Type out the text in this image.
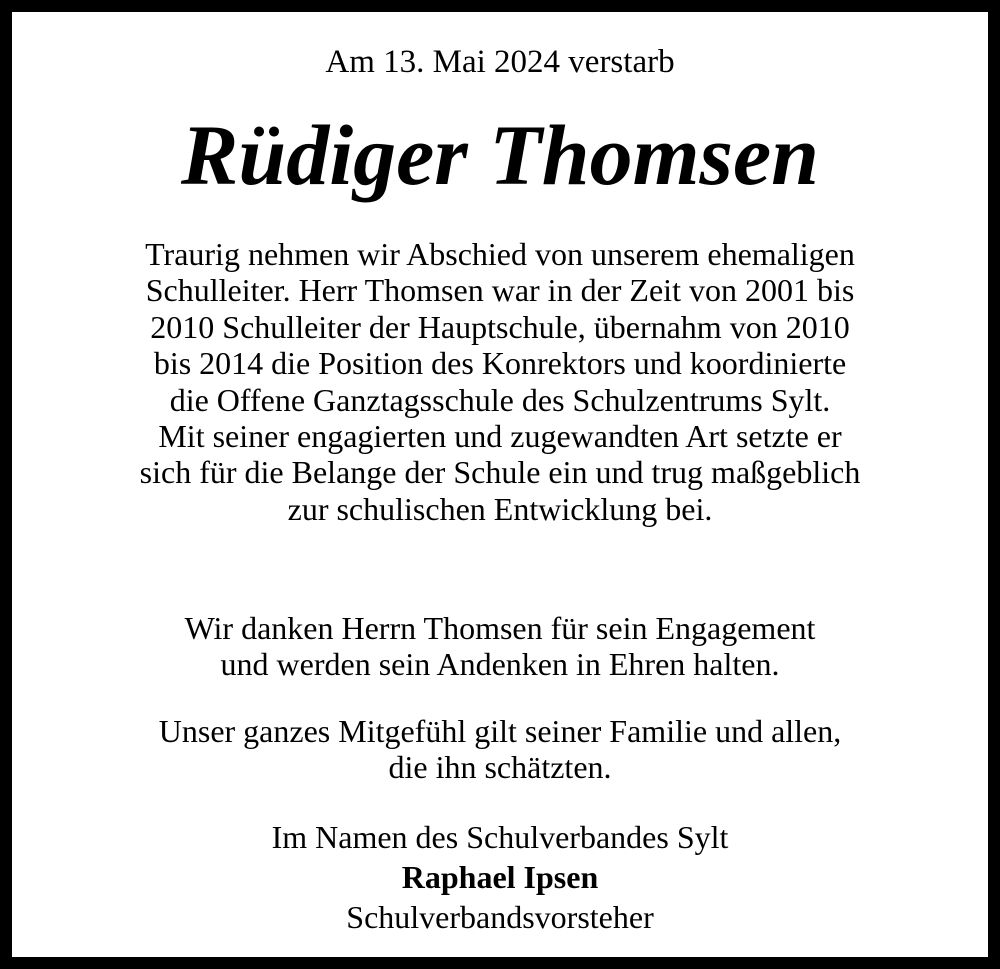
Am 13. Mai 2024 verstarb
Rüdiger Thomsen
Traurig nehmen wir Abschied von unserem ehemaligen
Schulleiter. Herr Thomsen war in der Zeit von 2001 bis
2010 Schulleiter der Hauptschule, übernahm von 2010
bis 2014 die Position des Konrektors und koordinierte
die Offene Ganztagsschule des Schulzentrums Sylt.
Mit seiner engagierten und zugewandten Art setzte er
sich für die Belange der Schule ein und trug maßgeblich
zur schulischen Entwicklung bei.
Wir danken Herrn Thomsen für sein Engagement
und werden sein Andenken in Ehren halten.
Unser ganzes Mitgefühl gilt seiner Familie und allen,
die ihn schätzten.
Im Namen des Schulverbandes Sylt
Raphael Ipsen
Schulverbandsvorsteher
